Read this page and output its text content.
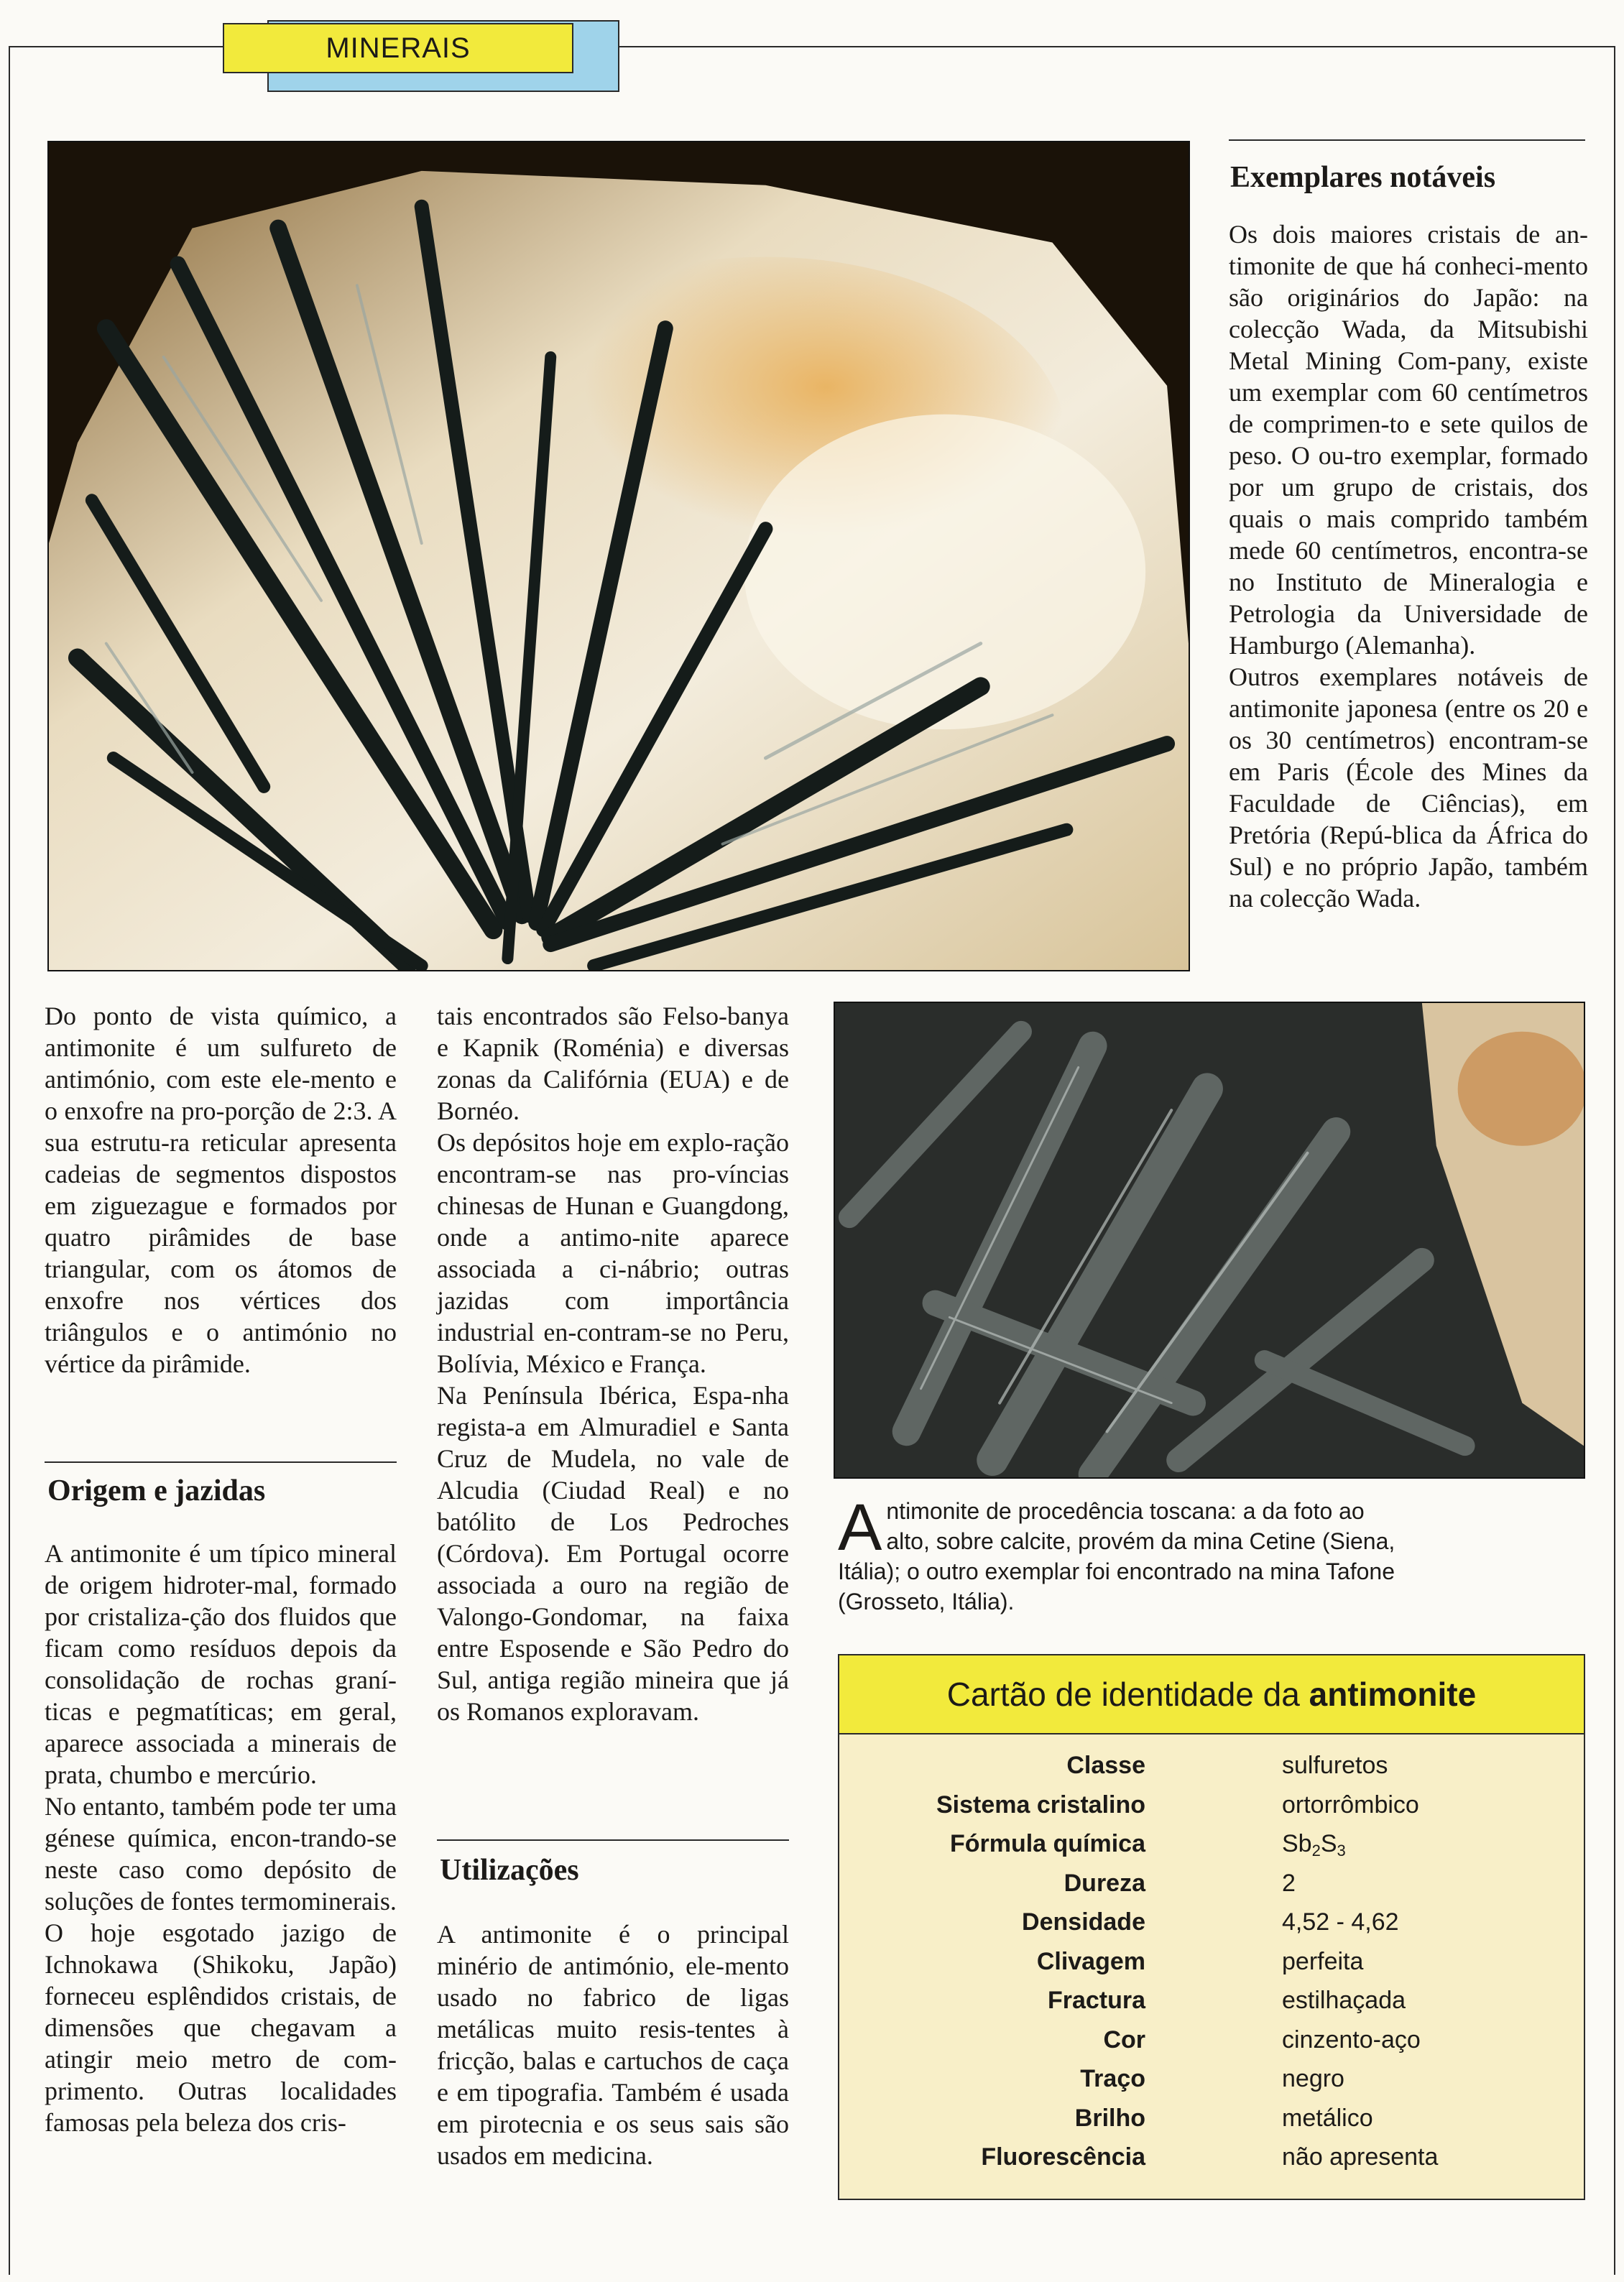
MINERAIS
Exemplares notáveis

Os dois maiores cristais de an-timonite de que há conheci-mento são originários do Japão: na colecção Wada, da Mitsubishi Metal Mining Com-pany, existe um exemplar com 60 centímetros de comprimen-to e sete quilos de peso. O ou-tro exemplar, formado por um grupo de cristais, dos quais o mais comprido também mede 60 centímetros, encontra-se no Instituto de Mineralogia e Petrologia da Universidade de Hamburgo (Alemanha).

Outros exemplares notáveis de antimonite japonesa (entre os 20 e os 30 centímetros) encontram-se em Paris (École des Mines da Faculdade de Ciências), em Pretória (Repú-blica da África do Sul) e no próprio Japão, também na colecção Wada.

Do ponto de vista químico, a antimonite é um sulfureto de antimónio, com este ele-mento e o enxofre na pro-porção de 2:3. A sua estrutu-ra reticular apresenta cadeias de segmentos dispostos em ziguezague e formados por quatro pirâmides de base triangular, com os átomos de enxofre nos vértices dos triângulos e o antimónio no vértice da pirâmide.

Origem e jazidas

A antimonite é um típico mineral de origem hidroter-mal, formado por cristaliza-ção dos fluidos que ficam como resíduos depois da consolidação de rochas graní-ticas e pegmatíticas; em geral, aparece associada a minerais de prata, chumbo e mercúrio.

No entanto, também pode ter uma génese química, encon-trando-se neste caso como depósito de soluções de fontes termominerais.

O hoje esgotado jazigo de Ichnokawa (Shikoku, Japão) forneceu esplêndidos cristais, de dimensões que chegavam a atingir meio metro de com-primento. Outras localidades famosas pela beleza dos cris-

tais encontrados são Felso-banya e Kapnik (Roménia) e diversas zonas da Califórnia (EUA) e de Bornéo.

Os depósitos hoje em explo-ração encontram-se nas pro-víncias chinesas de Hunan e Guangdong, onde a antimo-nite aparece associada a ci-nábrio; outras jazidas com importância industrial en-contram-se no Peru, Bolívia, México e França.

Na Península Ibérica, Espa-nha regista-a em Almuradiel e Santa Cruz de Mudela, no vale de Alcudia (Ciudad Real) e no batólito de Los Pedroches (Córdova). Em Portugal ocorre associada a ouro na região de Valongo-Gondomar, na faixa entre Esposende e São Pedro do Sul, antiga região mineira que já os Romanos exploravam.

Utilizações

A antimonite é o principal minério de antimónio, ele-mento usado no fabrico de ligas metálicas muito resis-tentes à fricção, balas e cartuchos de caça e em tipografia. Também é usada em pirotecnia e os seus sais são usados em medicina.

A ntimonite de procedência toscana: a da foto ao alto, sobre calcite, provém da mina Cetine (Siena, Itália); o outro exemplar foi encontrado na mina Tafone (Grosseto, Itália).
Cartão de identidade da antimonite
Classe	sulfuretos
Sistema cristalino	ortorrômbico
Fórmula química	$Sb_2S_3$
Dureza	2
Densidade	4,52 - 4,62
Clivagem	perfeita
Fractura	estilhaçada
Cor	cinzento-aço
Traço	negro
Brilho	metálico
Fluorescência	não apresenta
